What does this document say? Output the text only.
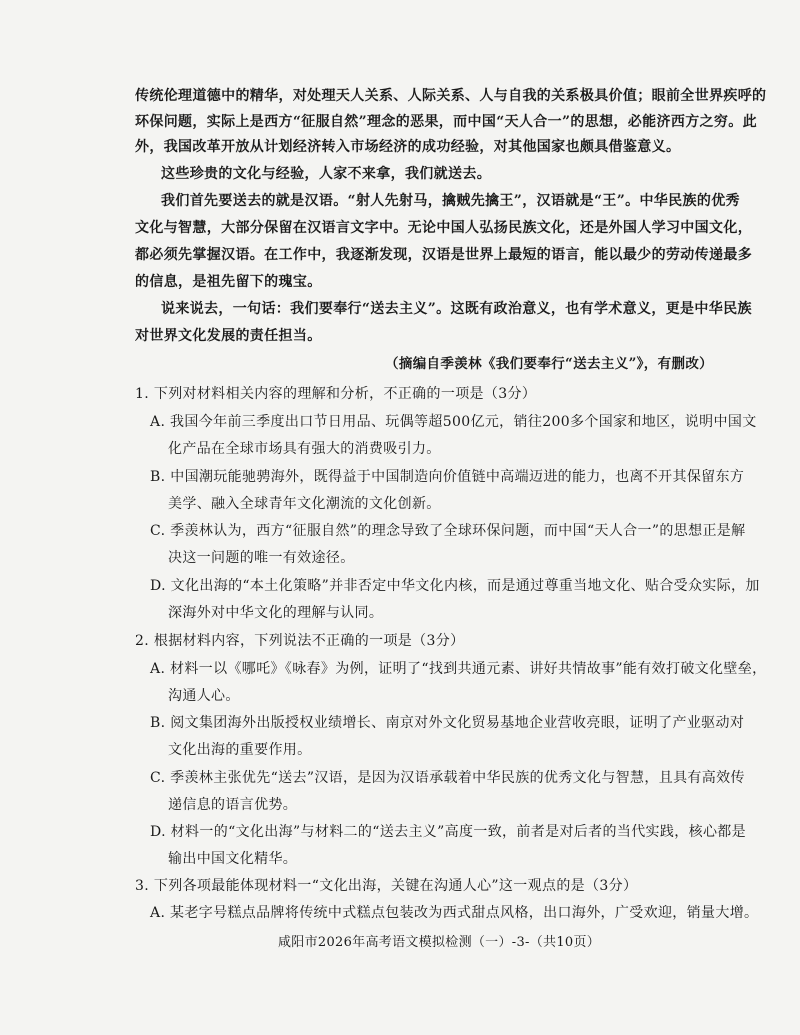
传统伦理道德中的精华，对处理天人关系、人际关系、人与自我的关系极具价值；眼前全世界疾呼的

环保问题，实际上是西方“征服自然”理念的恶果，而中国“天人合一”的思想，必能济西方之穷。此

外，我国改革开放从计划经济转入市场经济的成功经验，对其他国家也颇具借鉴意义。

这些珍贵的文化与经验，人家不来拿，我们就送去。

我们首先要送去的就是汉语。“射人先射马，擒贼先擒王”，汉语就是“王”。中华民族的优秀

文化与智慧，大部分保留在汉语言文字中。无论中国人弘扬民族文化，还是外国人学习中国文化，

都必须先掌握汉语。在工作中，我逐渐发现，汉语是世界上最短的语言，能以最少的劳动传递最多

的信息，是祖先留下的瑰宝。

说来说去，一句话：我们要奉行“送去主义”。这既有政治意义，也有学术意义，更是中华民族

对世界文化发展的责任担当。

（摘编自季羡林《我们要奉行“送去主义”》，有删改）

1. 下列对材料相关内容的理解和分析，不正确的一项是（3分）

A. 我国今年前三季度出口节日用品、玩偶等超500亿元，销往200多个国家和地区，说明中国文

化产品在全球市场具有强大的消费吸引力。

B. 中国潮玩能驰骋海外，既得益于中国制造向价值链中高端迈进的能力，也离不开其保留东方

美学、融入全球青年文化潮流的文化创新。

C. 季羡林认为，西方“征服自然”的理念导致了全球环保问题，而中国“天人合一”的思想正是解

决这一问题的唯一有效途径。

D. 文化出海的“本土化策略”并非否定中华文化内核，而是通过尊重当地文化、贴合受众实际，加

深海外对中华文化的理解与认同。

2. 根据材料内容，下列说法不正确的一项是（3分）

A. 材料一以《哪吒》《咏春》为例，证明了“找到共通元素、讲好共情故事”能有效打破文化壁垒，

沟通人心。

B. 阅文集团海外出版授权业绩增长、南京对外文化贸易基地企业营收亮眼，证明了产业驱动对

文化出海的重要作用。

C. 季羡林主张优先“送去”汉语，是因为汉语承载着中华民族的优秀文化与智慧，且具有高效传

递信息的语言优势。

D. 材料一的“文化出海”与材料二的“送去主义”高度一致，前者是对后者的当代实践，核心都是

输出中国文化精华。

3. 下列各项最能体现材料一“文化出海，关键在沟通人心”这一观点的是（3分）

A. 某老字号糕点品牌将传统中式糕点包装改为西式甜点风格，出口海外，广受欢迎，销量大增。

咸阳市2026年高考语文模拟检测（一）-3-（共10页）
